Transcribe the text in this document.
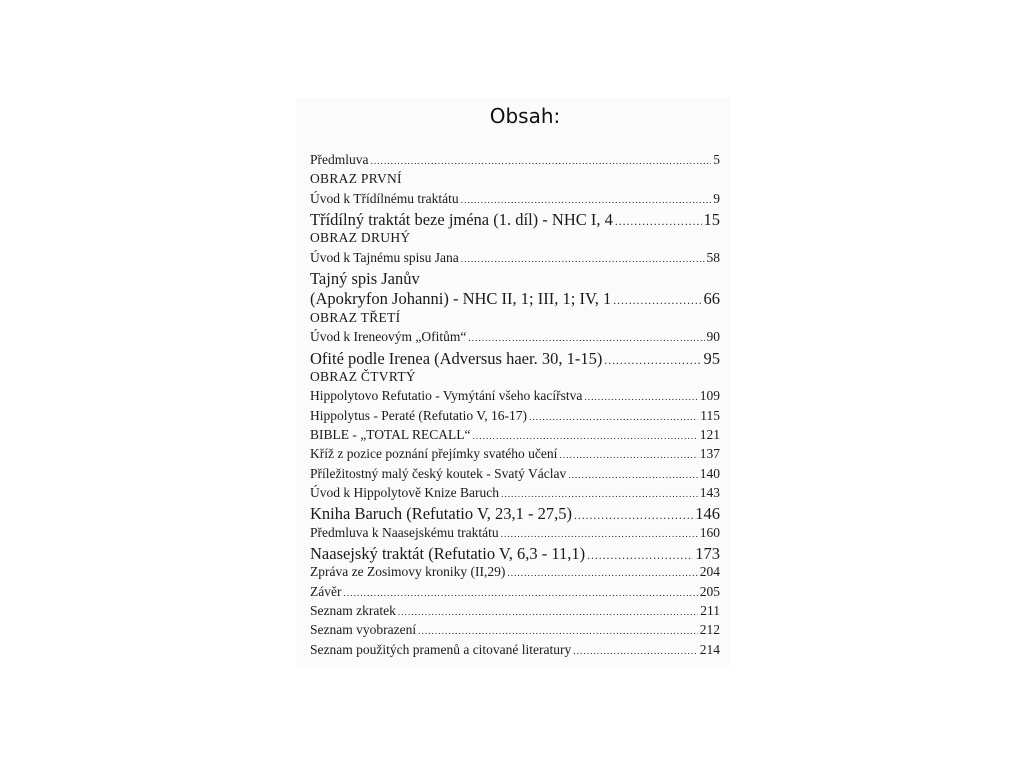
Obsah:
Předmluva .....	5
OBRAZ PRVNÍ
Úvod k Třídílnému traktátu .....	9
Třídílný traktát beze jména (1. díl) - NHC I, 4 .....	15
OBRAZ DRUHÝ
Úvod k Tajnému spisu Jana .....	58
Tajný spis Janův
(Apokryfon Johanni) - NHC II, 1; III, 1; IV, 1 .....	66
OBRAZ TŘETÍ
Úvod k Ireneovým „Ofitům“ .....	90
Ofité podle Irenea (Adversus haer. 30, 1-15) .....	95
OBRAZ ČTVRTÝ
Hippolytovo Refutatio - Vymýtání všeho kacířstva .....	109
Hippolytus - Peraté (Refutatio V, 16-17) .....	115
BIBLE - „TOTAL RECALL“ .....	121
Kříž z pozice poznání přejímky svatého učení .....	137
Příležitostný malý český koutek - Svatý Václav .....	140
Úvod k Hippolytově Knize Baruch .....	143
Kniha Baruch (Refutatio V, 23,1 - 27,5) .....	146
Předmluva k Naasejskému traktátu .....	160
Naasejský traktát (Refutatio V, 6,3 - 11,1) .....	173
Zpráva ze Zosimovy kroniky (II,29) .....	204
Závěr .....	205
Seznam zkratek .....	211
Seznam vyobrazení .....	212
Seznam použitých pramenů a citované literatury .....	214
